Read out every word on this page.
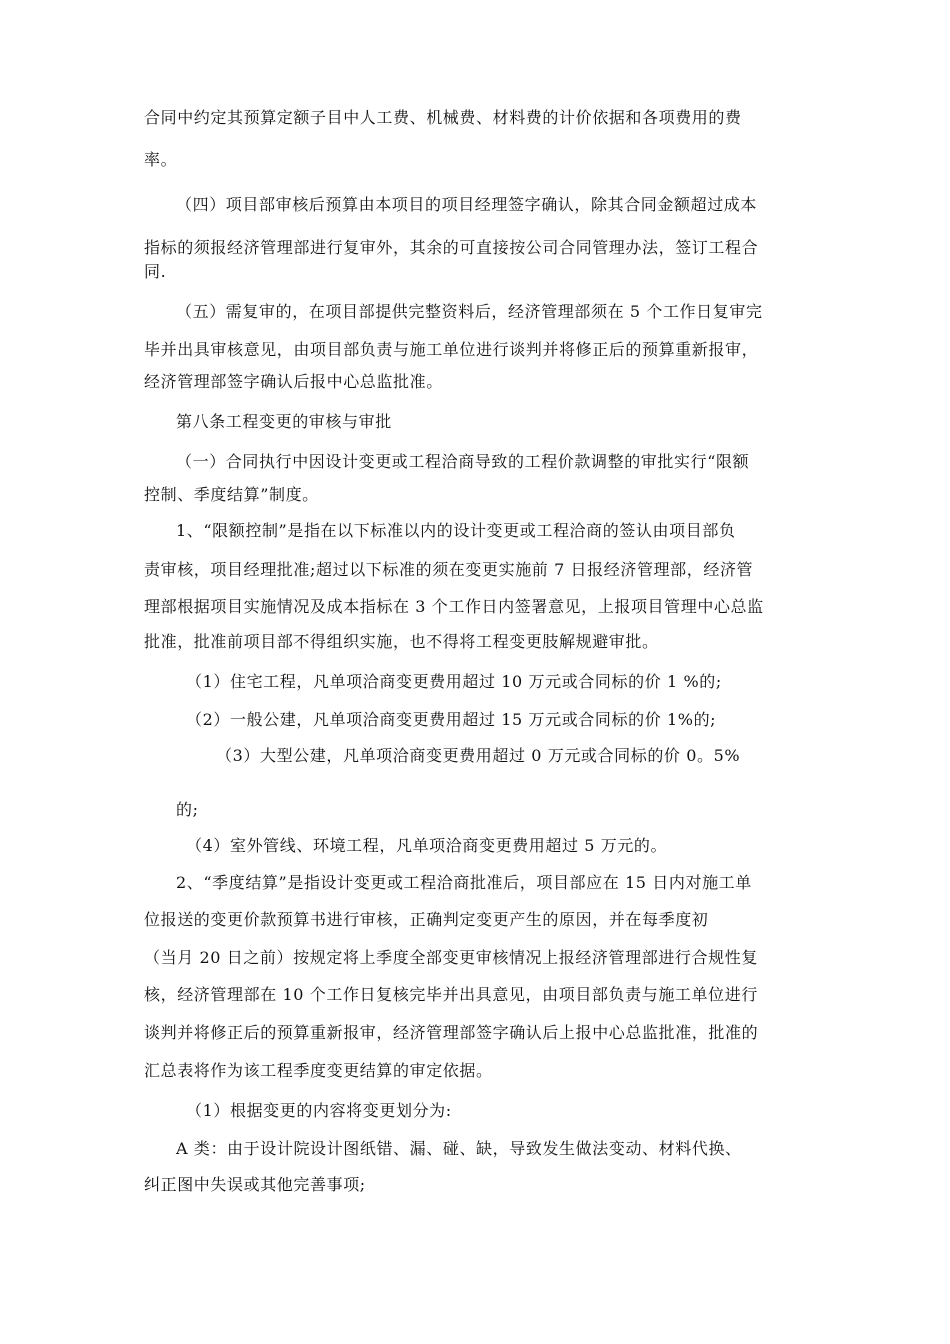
合同中约定其预算定额子目中人工费、机械费、材料费的计价依据和各项费用的费
率。
（四）项目部审核后预算由本项目的项目经理签字确认，除其合同金额超过成本
指标的须报经济管理部进行复审外，其余的可直接按公司合同管理办法，签订工程合
同.
（五）需复审的，在项目部提供完整资料后，经济管理部须在 5 个工作日复审完
毕并出具审核意见，由项目部负责与施工单位进行谈判并将修正后的预算重新报审，
经济管理部签字确认后报中心总监批准。
第八条工程变更的审核与审批
（一）合同执行中因设计变更或工程洽商导致的工程价款调整的审批实行“限额
控制、季度结算”制度。
1、“限额控制”是指在以下标准以内的设计变更或工程洽商的签认由项目部负
责审核，项目经理批准;超过以下标准的须在变更实施前 7 日报经济管理部，经济管
理部根据项目实施情况及成本指标在 3 个工作日内签署意见，上报项目管理中心总监
批准，批准前项目部不得组织实施，也不得将工程变更肢解规避审批。
（1）住宅工程，凡单项洽商变更费用超过 10 万元或合同标的价 1 %的;
（2）一般公建，凡单项洽商变更费用超过 15 万元或合同标的价 1%的;
（3）大型公建，凡单项洽商变更费用超过 0 万元或合同标的价 0。5%
的;
（4）室外管线、环境工程，凡单项洽商变更费用超过 5 万元的。
2、“季度结算”是指设计变更或工程洽商批准后，项目部应在 15 日内对施工单
位报送的变更价款预算书进行审核，正确判定变更产生的原因，并在每季度初
（当月 20 日之前）按规定将上季度全部变更审核情况上报经济管理部进行合规性复
核，经济管理部在 10 个工作日复核完毕并出具意见，由项目部负责与施工单位进行
谈判并将修正后的预算重新报审，经济管理部签字确认后上报中心总监批准，批准的
汇总表将作为该工程季度变更结算的审定依据。
（1）根据变更的内容将变更划分为:
A 类：由于设计院设计图纸错、漏、碰、缺，导致发生做法变动、材料代换、
纠正图中失误或其他完善事项;
